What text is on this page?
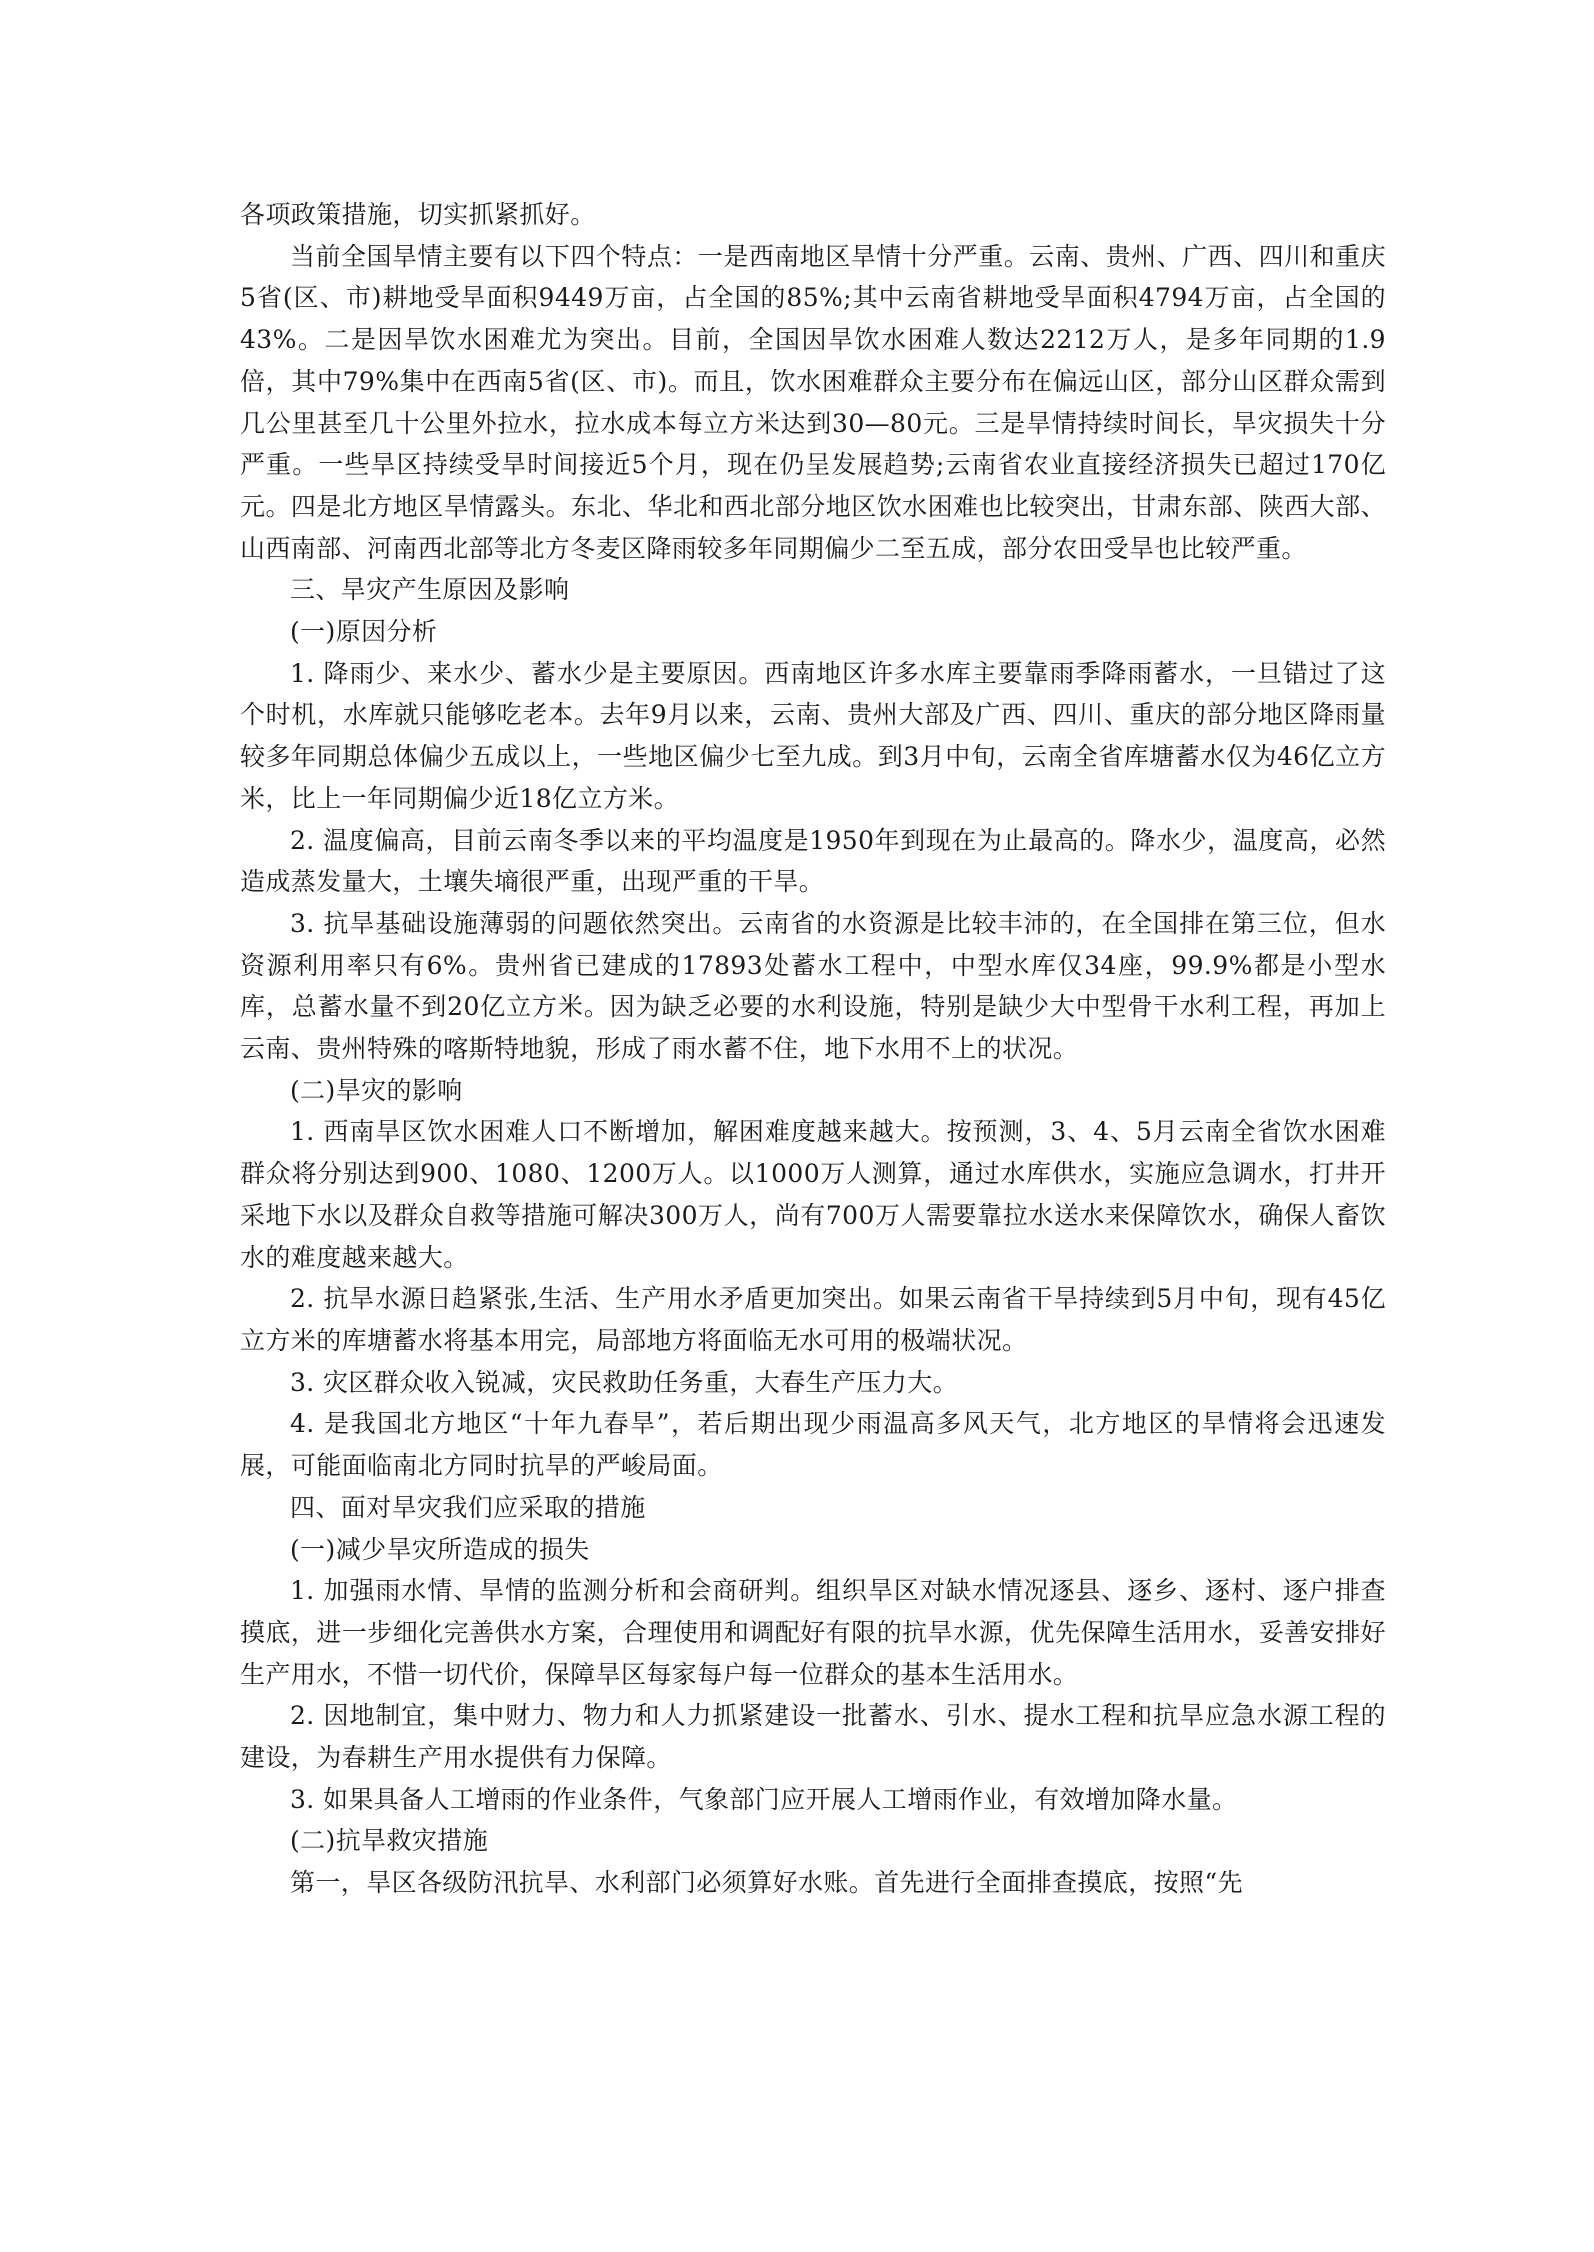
各项政策措施，切实抓紧抓好。

当前全国旱情主要有以下四个特点：一是西南地区旱情十分严重。云南、贵州、广西、四川和重庆5省(区、市)耕地受旱面积9449万亩，占全国的85%;其中云南省耕地受旱面积4794万亩，占全国的43%。二是因旱饮水困难尤为突出。目前，全国因旱饮水困难人数达2212万人，是多年同期的1.9倍，其中79%集中在西南5省(区、市)。而且，饮水困难群众主要分布在偏远山区，部分山区群众需到几公里甚至几十公里外拉水，拉水成本每立方米达到30—80元。三是旱情持续时间长，旱灾损失十分严重。一些旱区持续受旱时间接近5个月，现在仍呈发展趋势;云南省农业直接经济损失已超过170亿元。四是北方地区旱情露头。东北、华北和西北部分地区饮水困难也比较突出，甘肃东部、陕西大部、山西南部、河南西北部等北方冬麦区降雨较多年同期偏少二至五成，部分农田受旱也比较严重。

三、旱灾产生原因及影响

(一)原因分析

1. 降雨少、来水少、蓄水少是主要原因。西南地区许多水库主要靠雨季降雨蓄水，一旦错过了这个时机，水库就只能够吃老本。去年9月以来，云南、贵州大部及广西、四川、重庆的部分地区降雨量较多年同期总体偏少五成以上，一些地区偏少七至九成。到3月中旬，云南全省库塘蓄水仅为46亿立方米，比上一年同期偏少近18亿立方米。

2. 温度偏高，目前云南冬季以来的平均温度是1950年到现在为止最高的。降水少，温度高，必然造成蒸发量大，土壤失墒很严重，出现严重的干旱。

3. 抗旱基础设施薄弱的问题依然突出。云南省的水资源是比较丰沛的，在全国排在第三位，但水资源利用率只有6%。贵州省已建成的17893处蓄水工程中，中型水库仅34座，99.9%都是小型水库，总蓄水量不到20亿立方米。因为缺乏必要的水利设施，特别是缺少大中型骨干水利工程，再加上云南、贵州特殊的喀斯特地貌，形成了雨水蓄不住，地下水用不上的状况。

(二)旱灾的影响

1. 西南旱区饮水困难人口不断增加，解困难度越来越大。按预测，3、4、5月云南全省饮水困难群众将分别达到900、1080、1200万人。以1000万人测算，通过水库供水，实施应急调水，打井开采地下水以及群众自救等措施可解决300万人，尚有700万人需要靠拉水送水来保障饮水，确保人畜饮水的难度越来越大。

2. 抗旱水源日趋紧张,生活、生产用水矛盾更加突出。如果云南省干旱持续到5月中旬，现有45亿立方米的库塘蓄水将基本用完，局部地方将面临无水可用的极端状况。

3. 灾区群众收入锐减，灾民救助任务重，大春生产压力大。

4. 是我国北方地区“十年九春旱”，若后期出现少雨温高多风天气，北方地区的旱情将会迅速发展，可能面临南北方同时抗旱的严峻局面。

四、面对旱灾我们应采取的措施

(一)减少旱灾所造成的损失

1. 加强雨水情、旱情的监测分析和会商研判。组织旱区对缺水情况逐县、逐乡、逐村、逐户排查摸底，进一步细化完善供水方案，合理使用和调配好有限的抗旱水源，优先保障生活用水，妥善安排好生产用水，不惜一切代价，保障旱区每家每户每一位群众的基本生活用水。

2. 因地制宜，集中财力、物力和人力抓紧建设一批蓄水、引水、提水工程和抗旱应急水源工程的建设，为春耕生产用水提供有力保障。

3. 如果具备人工增雨的作业条件，气象部门应开展人工增雨作业，有效增加降水量。

(二)抗旱救灾措施

第一，旱区各级防汛抗旱、水利部门必须算好水账。首先进行全面排查摸底，按照“先
